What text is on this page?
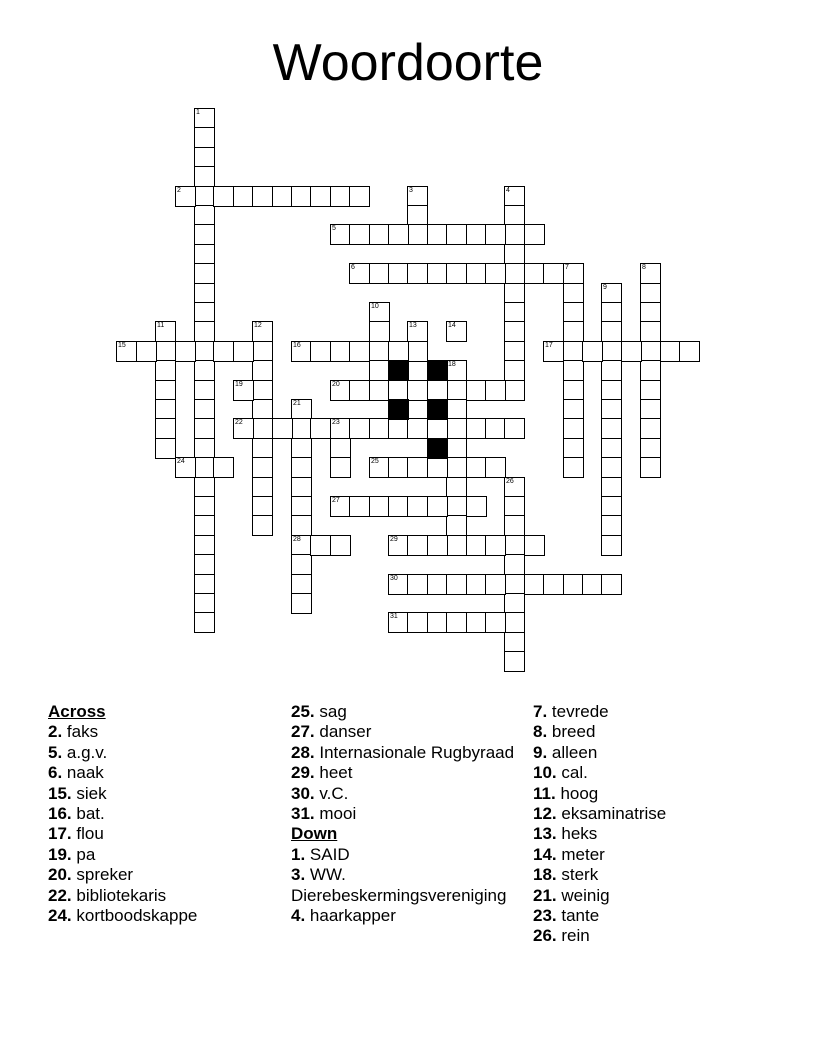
Woordoorte
1
2	3	4
5
6	7	8
9
10
11	12	13	14
15	16	17
18
19	20
21
28
22	23
24	25
26
27
29
30
31
Across
2. faks
5. a.g.v.
6. naak
15. siek
16. bat.
17. flou
19. pa
20. spreker
22. bibliotekaris
24. kortboodskappe
25. sag
27. danser
28. Internasionale Rugbyraad
29. heet
30. v.C.
31. mooi
Down
1. SAID
3. WW. Dierebeskermingsvereniging
4. haarkapper
7. tevrede
8. breed
9. alleen
10. cal.
11. hoog
12. eksaminatrise
13. heks
14. meter
18. sterk
21. weinig
23. tante
26. rein
